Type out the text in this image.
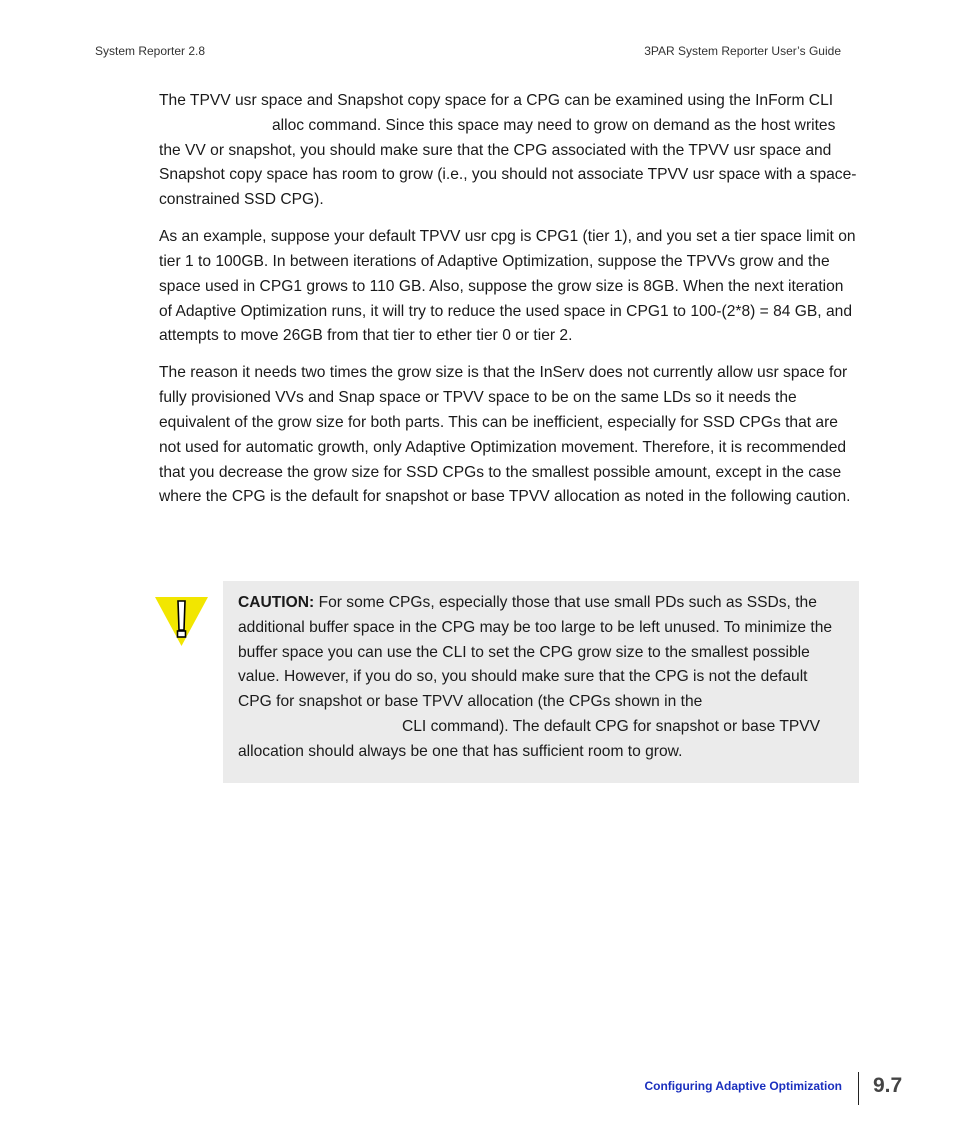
System Reporter 2.8	3PAR System Reporter User’s Guide

The TPVV usr space and Snapshot copy space for a CPG can be examined using the InForm CLI alloc command. Since this space may need to grow on demand as the host writes the VV or snapshot, you should make sure that the CPG associated with the TPVV usr space and Snapshot copy space has room to grow (i.e., you should not associate TPVV usr space with a space-constrained SSD CPG).

As an example, suppose your default TPVV usr cpg is CPG1 (tier 1), and you set a tier space limit on tier 1 to 100GB. In between iterations of Adaptive Optimization, suppose the TPVVs grow and the space used in CPG1 grows to 110 GB. Also, suppose the grow size is 8GB. When the next iteration of Adaptive Optimization runs, it will try to reduce the used space in CPG1 to 100-(2*8) = 84 GB, and attempts to move 26GB from that tier to ether tier 0 or tier 2.

The reason it needs two times the grow size is that the InServ does not currently allow usr space for fully provisioned VVs and Snap space or TPVV space to be on the same LDs so it needs the equivalent of the grow size for both parts. This can be inefficient, especially for SSD CPGs that are not used for automatic growth, only Adaptive Optimization movement. Therefore, it is recommended that you decrease the grow size for SSD CPGs to the smallest possible amount, except in the case where the CPG is the default for snapshot or base TPVV allocation as noted in the following caution.

CAUTION: For some CPGs, especially those that use small PDs such as SSDs, the additional buffer space in the CPG may be too large to be left unused. To minimize the buffer space you can use the CLI to set the CPG grow size to the smallest possible value. However, if you do so, you should make sure that the CPG is not the default CPG for snapshot or base TPVV allocation (the CPGs shown in the CLI command). The default CPG for snapshot or base TPVV allocation should always be one that has sufficient room to grow.
Configuring Adaptive Optimization 9.7
